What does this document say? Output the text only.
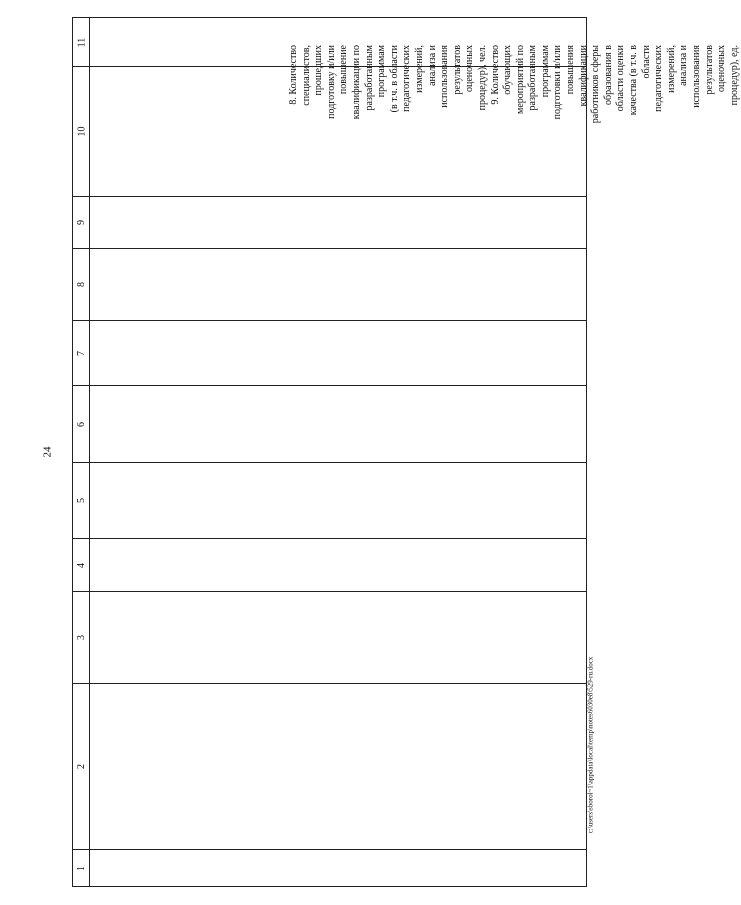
24
c:\users\sborol~1\appdata\local\temp\notes6030e8\529-ru.docx
11
10
8. Количество
специалистов,
прошедших
подготовку и/или
повышение
квалификации по
разработанным
программам
(в т.ч. в области
педагогических
измерений,
анализа и
использования
результатов
оценочных
процедур), чел.
9. Количество
обучающих
мероприятий по
разработанным
программам
подготовки и/или
повышения
квалификации
работников сферы
образования в
области оценки
качества (в т.ч. в
области
педагогических
измерений,
анализа и
использования
результатов
оценочных
процедур), ед.
9
8
7
6
5
4
3
2
1
